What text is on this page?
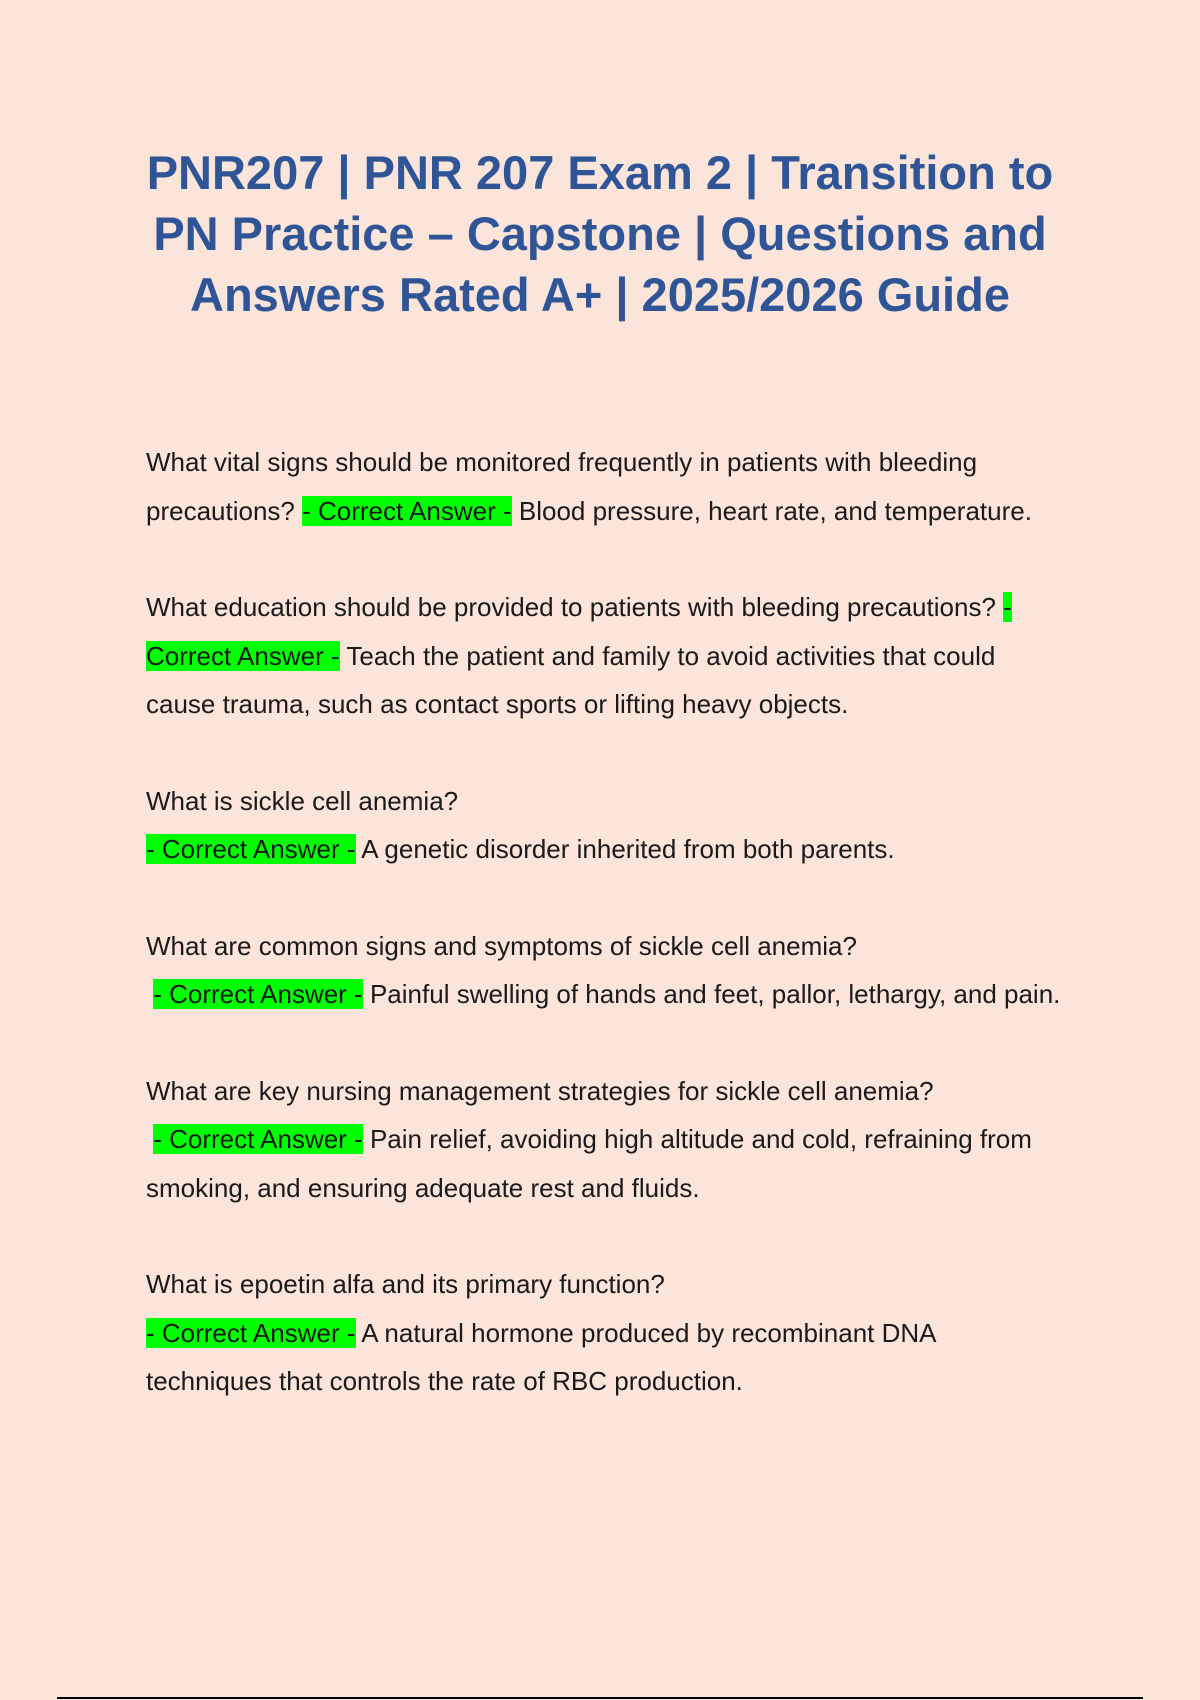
PNR207 | PNR 207 Exam 2 | Transition to PN Practice – Capstone | Questions and Answers Rated A+ | 2025/2026 Guide

What vital signs should be monitored frequently in patients with bleeding precautions? - Correct Answer - Blood pressure, heart rate, and temperature.

What education should be provided to patients with bleeding precautions? - Correct Answer - Teach the patient and family to avoid activities that could cause trauma, such as contact sports or lifting heavy objects.

What is sickle cell anemia?
- Correct Answer - A genetic disorder inherited from both parents.

What are common signs and symptoms of sickle cell anemia?
- Correct Answer - Painful swelling of hands and feet, pallor, lethargy, and pain.

What are key nursing management strategies for sickle cell anemia?
- Correct Answer - Pain relief, avoiding high altitude and cold, refraining from smoking, and ensuring adequate rest and fluids.

What is epoetin alfa and its primary function?
- Correct Answer - A natural hormone produced by recombinant DNA techniques that controls the rate of RBC production.
